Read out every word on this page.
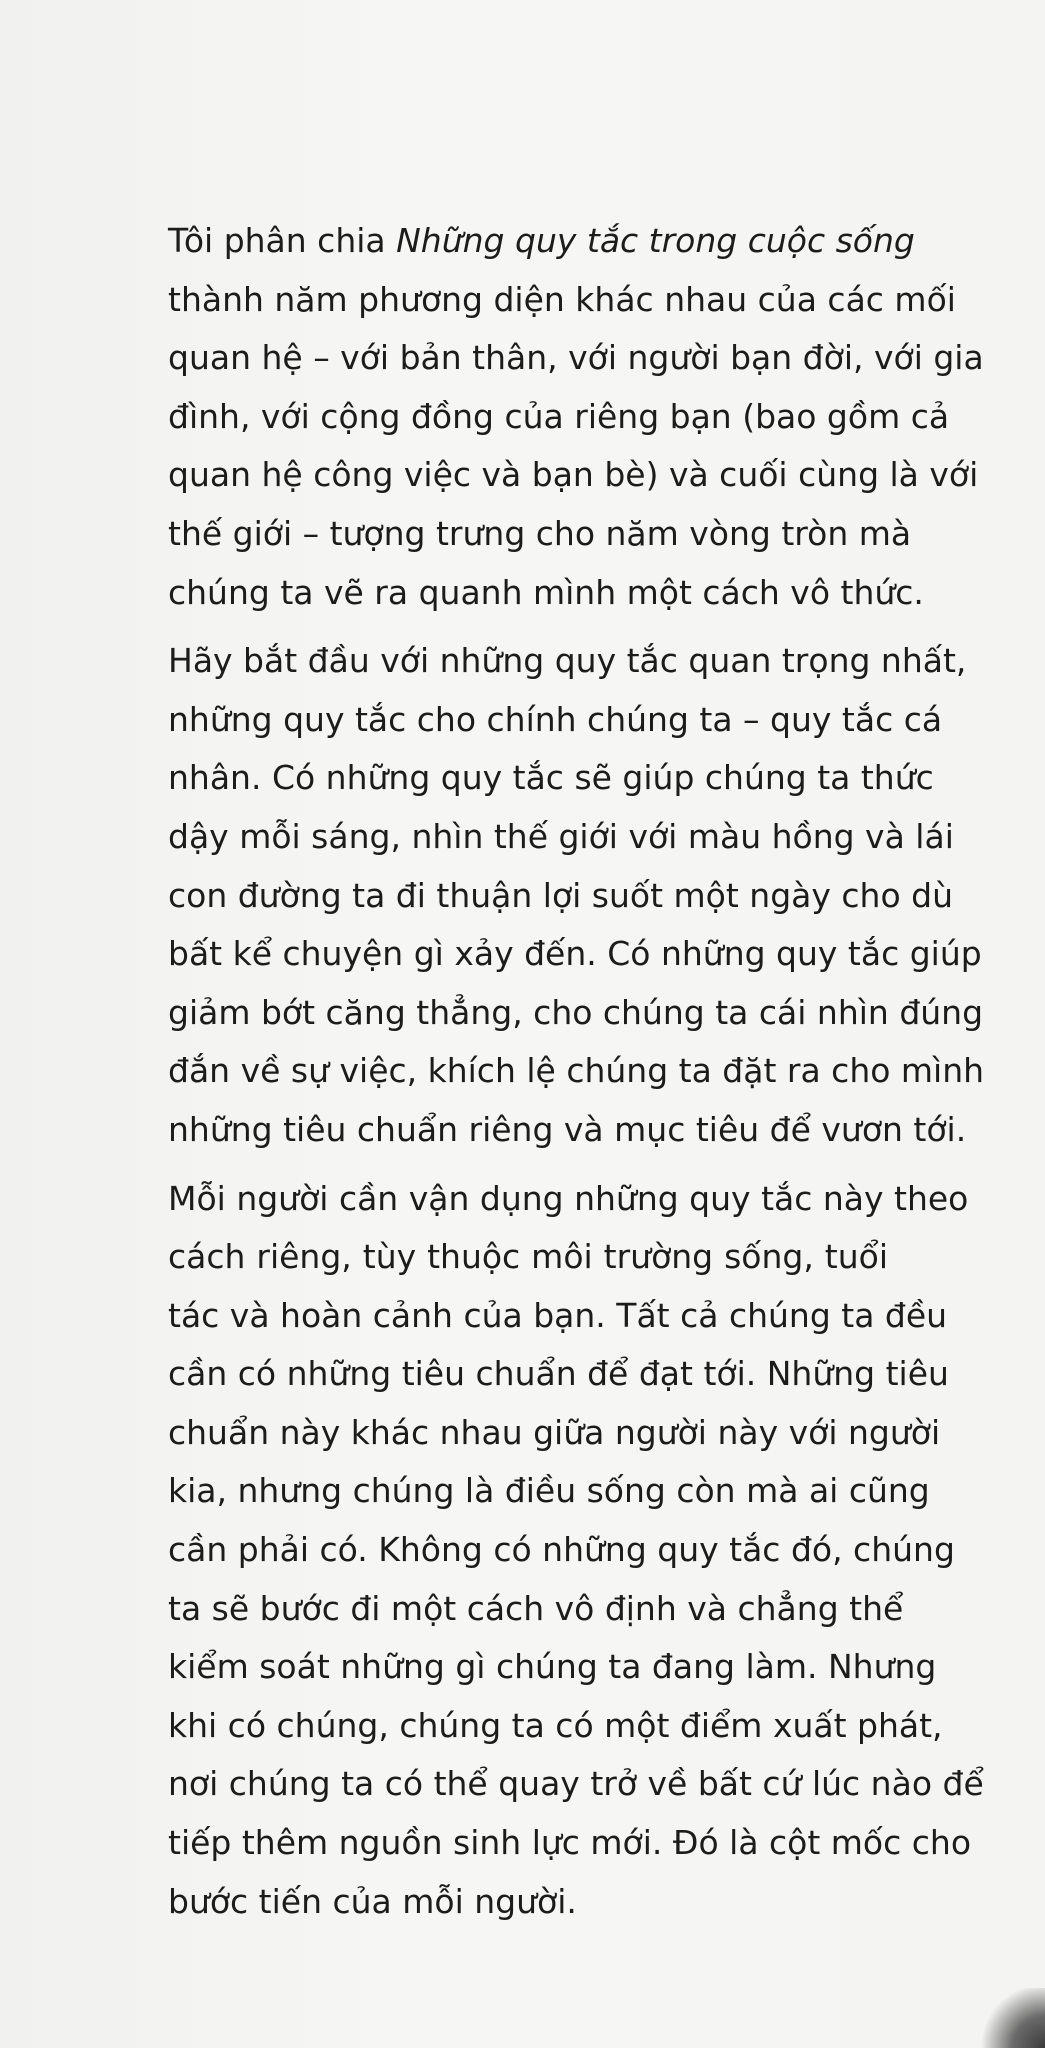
Tôi phân chia Những quy tắc trong cuộc sống
thành năm phương diện khác nhau của các mối
quan hệ – với bản thân, với người bạn đời, với gia
đình, với cộng đồng của riêng bạn (bao gồm cả
quan hệ công việc và bạn bè) và cuối cùng là với
thế giới – tượng trưng cho năm vòng tròn mà
chúng ta vẽ ra quanh mình một cách vô thức.

Hãy bắt đầu với những quy tắc quan trọng nhất,
những quy tắc cho chính chúng ta – quy tắc cá
nhân. Có những quy tắc sẽ giúp chúng ta thức
dậy mỗi sáng, nhìn thế giới với màu hồng và lái
con đường ta đi thuận lợi suốt một ngày cho dù
bất kể chuyện gì xảy đến. Có những quy tắc giúp
giảm bớt căng thẳng, cho chúng ta cái nhìn đúng
đắn về sự việc, khích lệ chúng ta đặt ra cho mình
những tiêu chuẩn riêng và mục tiêu để vươn tới.

Mỗi người cần vận dụng những quy tắc này theo
cách riêng, tùy thuộc môi trường sống, tuổi
tác và hoàn cảnh của bạn. Tất cả chúng ta đều
cần có những tiêu chuẩn để đạt tới. Những tiêu
chuẩn này khác nhau giữa người này với người
kia, nhưng chúng là điều sống còn mà ai cũng
cần phải có. Không có những quy tắc đó, chúng
ta sẽ bước đi một cách vô định và chẳng thể
kiểm soát những gì chúng ta đang làm. Nhưng
khi có chúng, chúng ta có một điểm xuất phát,
nơi chúng ta có thể quay trở về bất cứ lúc nào để
tiếp thêm nguồn sinh lực mới. Đó là cột mốc cho
bước tiến của mỗi người.
